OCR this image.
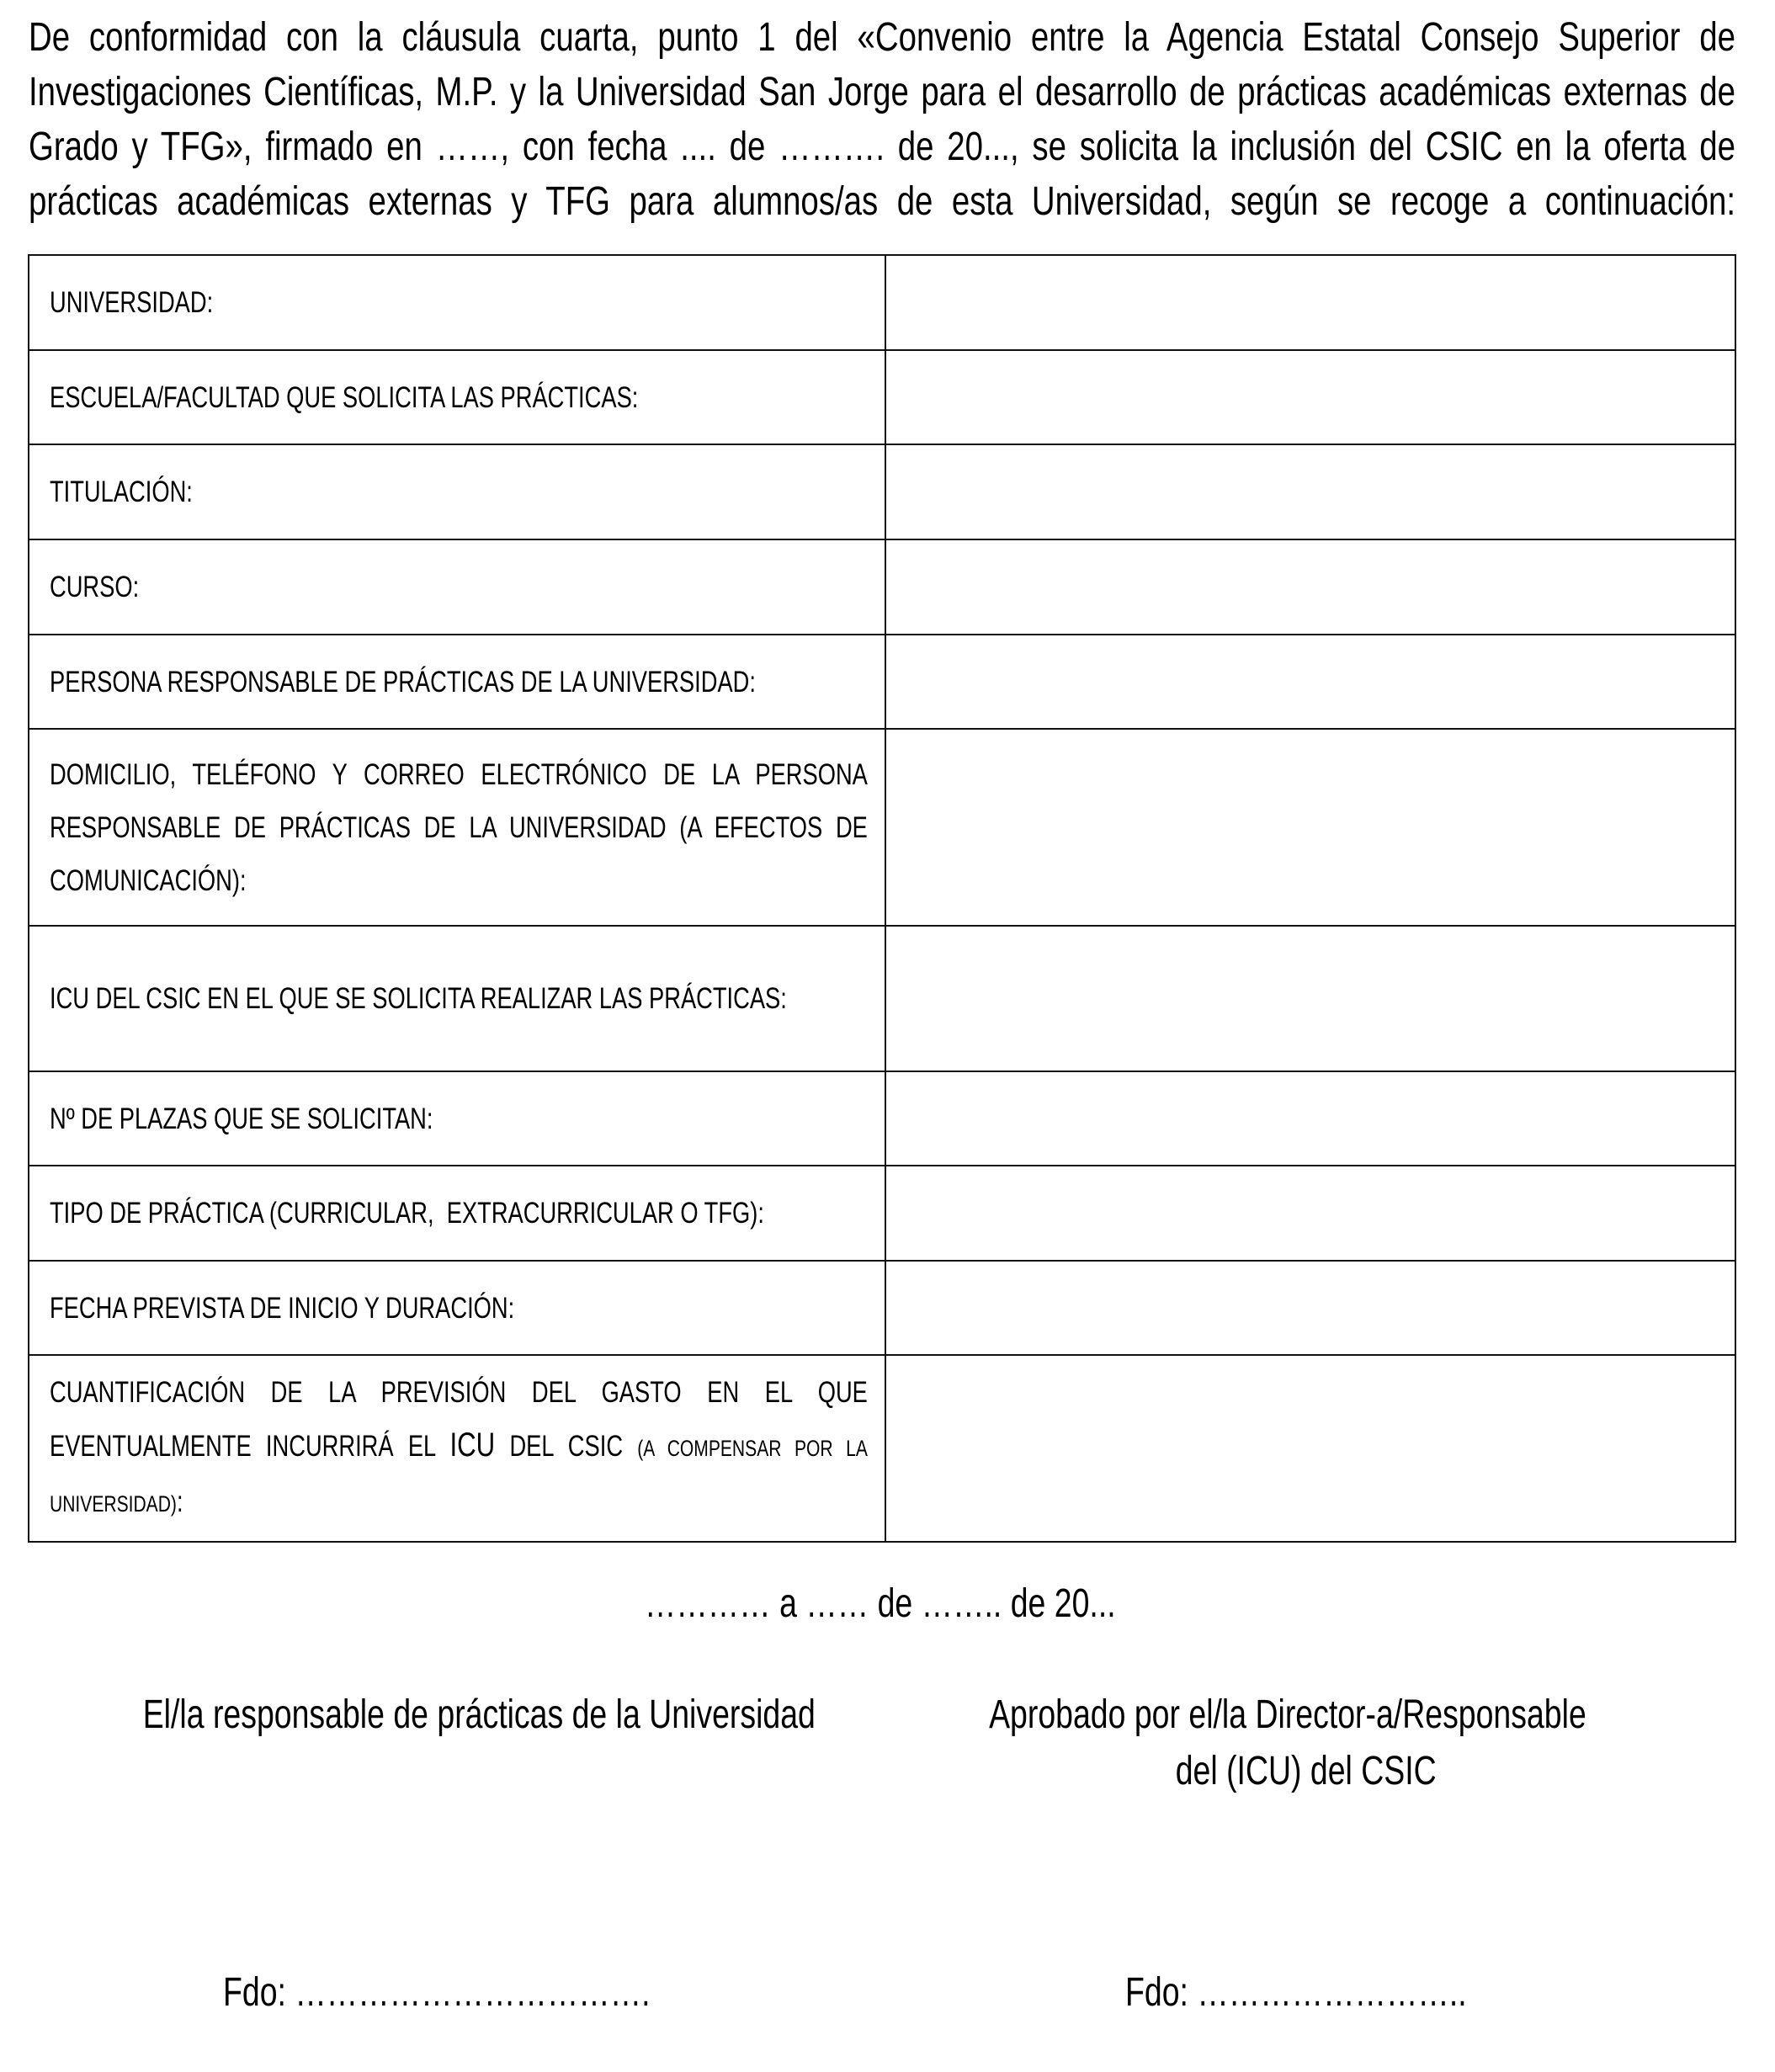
De conformidad con la cláusula cuarta, punto 1 del «Convenio entre la Agencia Estatal Consejo Superior de Investigaciones Científicas, M.P. y la Universidad San Jorge para el desarrollo de prácticas académicas externas de Grado y TFG», firmado en ……, con fecha .... de ………. de 20..., se solicita la inclusión del CSIC en la oferta de prácticas académicas externas y TFG para alumnos/as de esta Universidad, según se recoge a continuación:
UNIVERSIDAD:	

ESCUELA/FACULTAD QUE SOLICITA LAS PRÁCTICAS:	

TITULACIÓN:	

CURSO:	

PERSONA RESPONSABLE DE PRÁCTICAS DE LA UNIVERSIDAD:	

DOMICILIO, TELÉFONO Y CORREO ELECTRÓNICO DE LA PERSONA RESPONSABLE DE PRÁCTICAS DE LA UNIVERSIDAD (A EFECTOS DE COMUNICACIÓN):	

ICU DEL CSIC EN EL QUE SE SOLICITA REALIZAR LAS PRÁCTICAS:	

Nº DE PLAZAS QUE SE SOLICITAN:	

TIPO DE PRÁCTICA (CURRICULAR,  EXTRACURRICULAR O TFG):	

FECHA PREVISTA DE INICIO Y DURACIÓN:	

CUANTIFICACIÓN DE LA PREVISIÓN DEL GASTO EN EL QUE EVENTUALMENTE INCURRIRÁ EL ICU DEL CSIC (A COMPENSAR POR LA UNIVERSIDAD):	

………… a …… de …….. de 20...
El/la responsable de prácticas de la Universidad	Aprobado por el/la Director-a/Responsable
del (ICU) del CSIC
Fdo: …………………………….	Fdo: ……………………..
